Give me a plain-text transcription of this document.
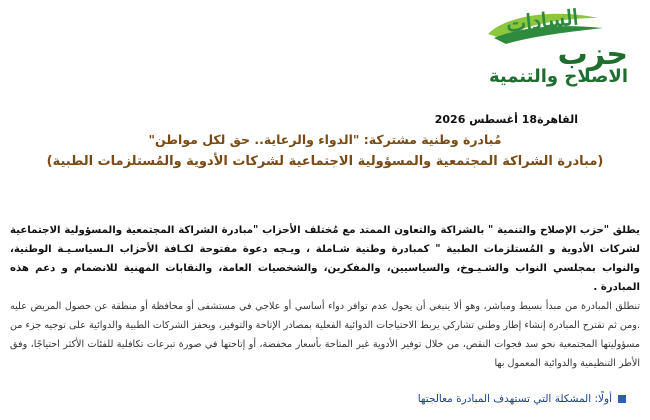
السادات
حزب
الاصلاح والتنمية
القاهرة18 أغسطس 2026
مُبادرة وطنية مشتركة: "الدواء والرعاية.. حق لكل مواطن"
(مبادرة الشراكة المجتمعية والمسؤولية الاجتماعية لشركات الأدوية والمُستلزمات الطبية)

يطلق "حزب الإصلاح والتنمية " بالشراكة والتعاون الممتد مع مُختلف الأحزاب "مبادرة الشراكة المجتمعية والمسؤولية الاجتماعية لشركات الأدوية و المُستلزمات الطبية " كمبادرة وطنية شـاملة ، ويـجه دعوة مفتوحة لكـافة الأحزاب الـسياسـيـة الوطنية، والنواب بمجلسي النواب والشـيـوخ، والسياسيين، والمفكرين، والشخصيات العامة، والنقابات المهنية للانضمام و دعم هذه المبادرة .

تنطلق المبادرة من مبدأ بسيط ومباشر، وهو ألا ينبغي أن يحول عدم توافر دواء أساسي أو علاجي في مستشفى أو محافظة أو منطقة عن حصول المريض عليه .ومن ثم تقترح المبادرة إنشاء إطار وطني تشاركي يربط الاحتياجات الدوائية الفعلية بمصادر الإتاحة والتوفير، ويحفز الشركات الطبية والدوائية على توجيه جزء من مسؤوليتها المجتمعية نحو سد فجوات النقص، من خلال توفير الأدوية غير المتاحة بأسعار مخفضة، أو إتاحتها في صورة تبرعات تكافلية للفئات الأكثر احتياجًا، وفق الأطر التنظيمية والدوائية المعمول بها

أولًا: المشكلة التي تستهدف المبادرة معالجتها
